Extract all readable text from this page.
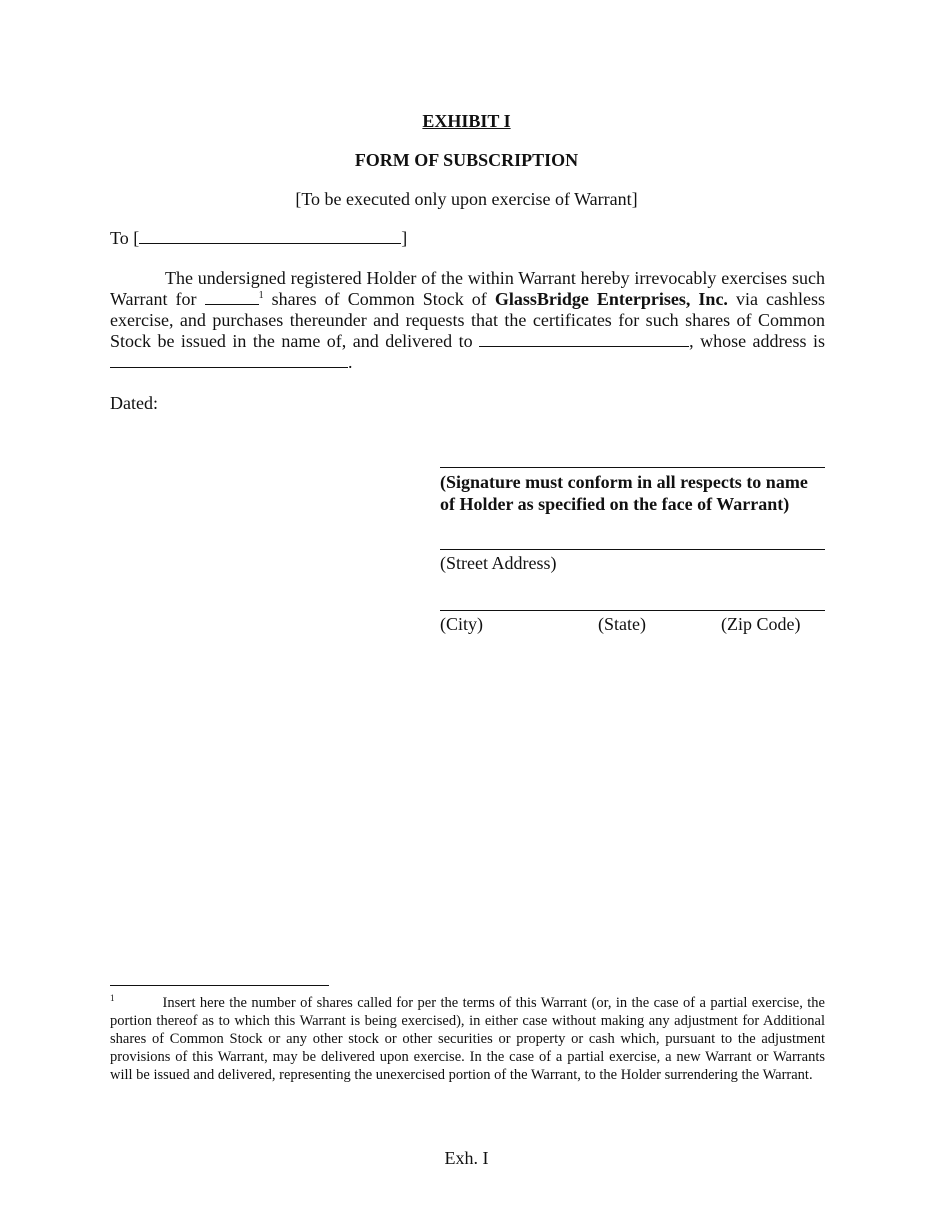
EXHIBIT I
FORM OF SUBSCRIPTION
[To be executed only upon exercise of Warrant]
To [	]

The undersigned registered Holder of the within Warrant hereby irrevocably exercises such

Warrant for	$^1$ shares of Common Stock of GlassBridge Enterprises, Inc. via cashless

exercise, and purchases thereunder and requests that the certificates for such shares of Common

Stock be issued in the name of, and delivered to	, whose address is

.

Dated:
(Signature must conform in all respects to name
of Holder as specified on the face of Warrant)
(Street Address)
(City)	(State)	(Zip Code)
$^1$	Insert here the number of shares called for per the terms of this Warrant (or, in the case of a partial exercise, the portion thereof as to which this Warrant is being exercised), in either case without making any adjustment for Additional shares of Common Stock or any other stock or other securities or property or cash which, pursuant to the adjustment provisions of this Warrant, may be delivered upon exercise. In the case of a partial exercise, a new Warrant or Warrants will be issued and delivered, representing the unexercised portion of the Warrant, to the Holder surrendering the Warrant.
Exh. I
